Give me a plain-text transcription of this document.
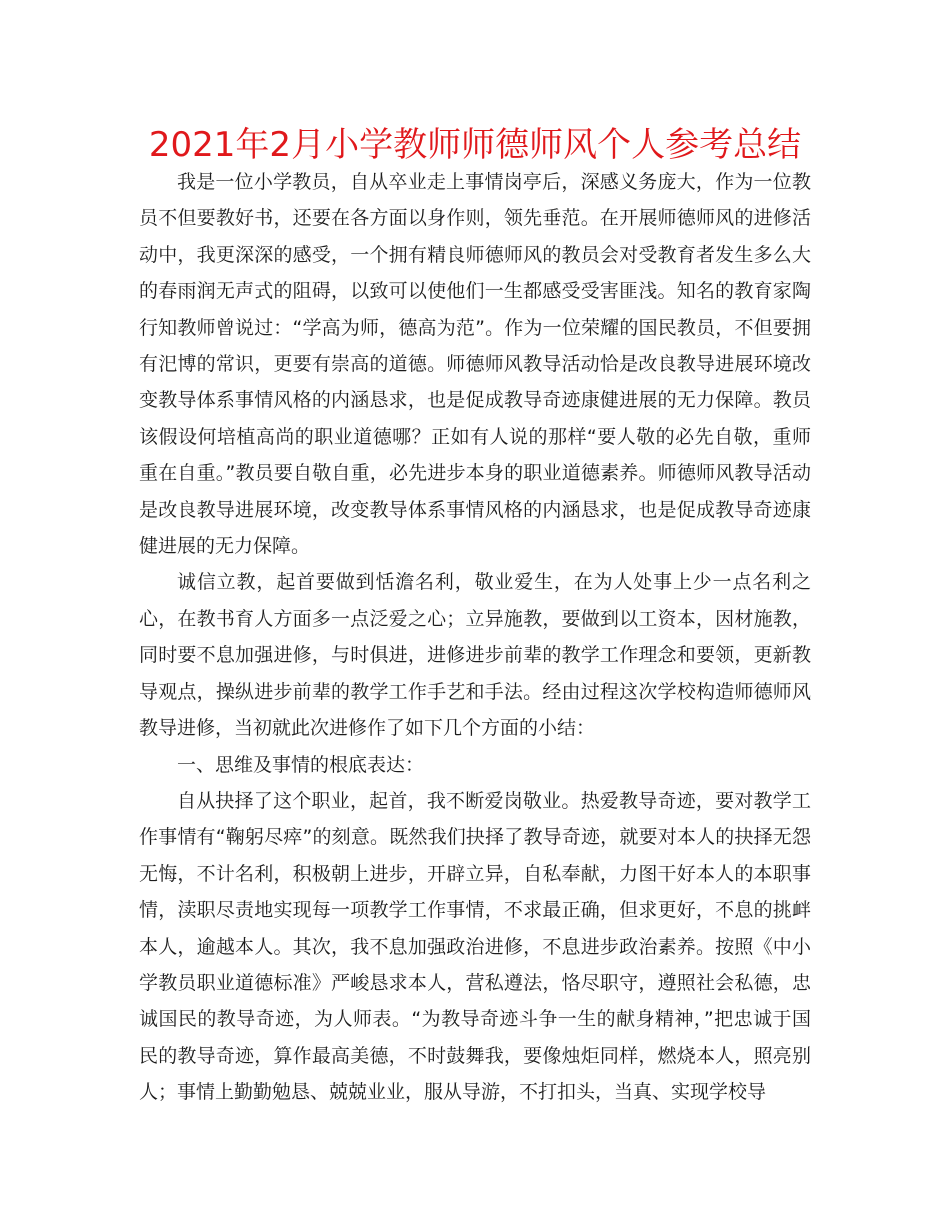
2021年2月小学教师师德师风个人参考总结

我是一位小学教员，自从卒业走上事情岗亭后，深感义务庞大，作为一位教员不但要教好书，还要在各方面以身作则，领先垂范。在开展师德师风的进修活动中，我更深深的感受，一个拥有精良师德师风的教员会对受教育者发生多么大的春雨润无声式的阻碍，以致可以使他们一生都感受受害匪浅。知名的教育家陶行知教师曾说过：“学高为师，德高为范”。作为一位荣耀的国民教员，不但要拥有汜博的常识，更要有崇高的道德。师德师风教导活动恰是改良教导进展环境改变教导体系事情风格的内涵恳求，也是促成教导奇迹康健进展的无力保障。教员该假设何培植高尚的职业道德哪？正如有人说的那样“要人敬的必先自敬，重师重在自重。”教员要自敬自重，必先进步本身的职业道德素养。师德师风教导活动是改良教导进展环境，改变教导体系事情风格的内涵恳求，也是促成教导奇迹康健进展的无力保障。

诚信立教，起首要做到恬澹名利，敬业爱生，在为人处事上少一点名利之心，在教书育人方面多一点泛爱之心；立异施教，要做到以工资本，因材施教，同时要不息加强进修，与时俱进，进修进步前辈的教学工作理念和要领，更新教导观点，操纵进步前辈的教学工作手艺和手法。经由过程这次学校构造师德师风教导进修，当初就此次进修作了如下几个方面的小结：

一、思维及事情的根底表达：

自从抉择了这个职业，起首，我不断爱岗敬业。热爱教导奇迹，要对教学工作事情有“鞠躬尽瘁”的刻意。既然我们抉择了教导奇迹，就要对本人的抉择无怨无悔，不计名利，积极朝上进步，开辟立异，自私奉献，力图干好本人的本职事情，渎职尽责地实现每一项教学工作事情，不求最正确，但求更好，不息的挑衅本人，逾越本人。其次，我不息加强政治进修，不息进步政治素养。按照《中小学教员职业道德标准》严峻恳求本人，营私遵法，恪尽职守，遵照社会私德，忠诚国民的教导奇迹，为人师表。“为教导奇迹斗争一生的献身精神，”把忠诚于国民的教导奇迹，算作最高美德，不时鼓舞我，要像烛炬同样，燃烧本人，照亮别人；事情上勤勤勉恳、兢兢业业，服从导游，不打扣头，当真、实现学校导
